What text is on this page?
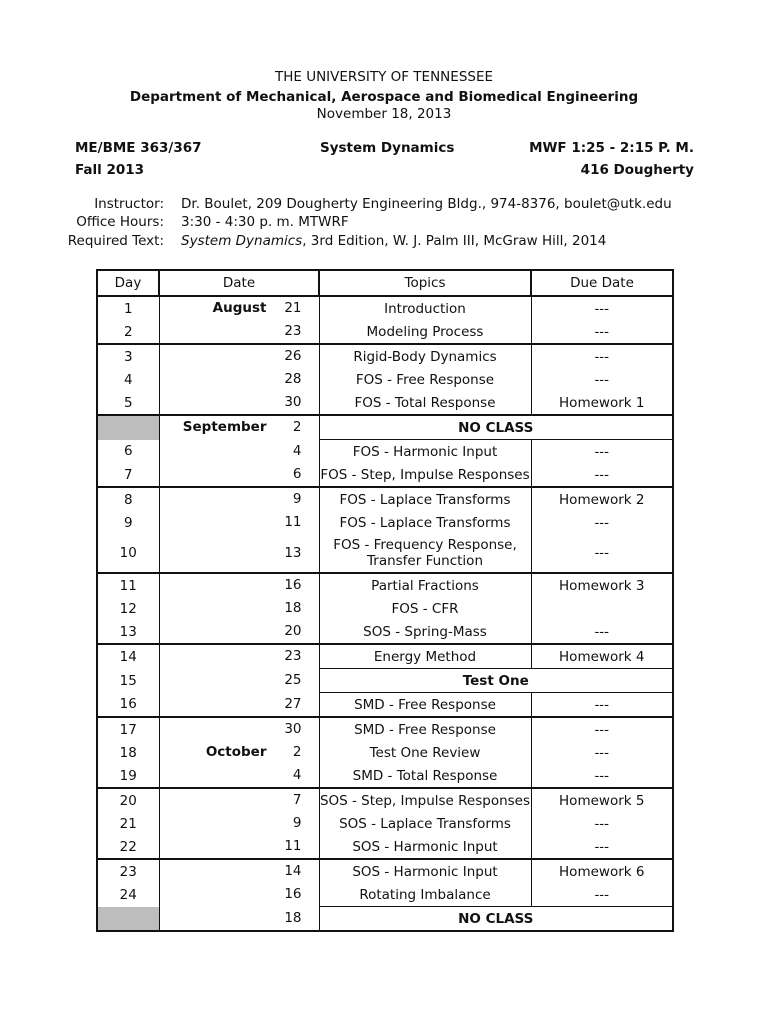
THE UNIVERSITY OF TENNESSEE
Department of Mechanical, Aerospace and Biomedical Engineering
November 18, 2013
ME/BME 363/367	System Dynamics	MWF 1:25 - 2:15 P. M.
Fall 2013	416 Dougherty
Instructor: Dr. Boulet, 209 Dougherty Engineering Bldg., 974-8376, boulet@utk.edu
Office Hours: 3:30 - 4:30 p. m. MTWRF
Required Text: System Dynamics, 3rd Edition, W. J. Palm III, McGraw Hill, 2014
Day	Date	Topics	Due Date
1	August 21	Introduction	---
2	23	Modeling Process	---
3	26	Rigid-Body Dynamics	---
4	28	FOS - Free Response	---
5	30	FOS - Total Response	Homework 1

	September 2	NO CLASS	
6	4	FOS - Harmonic Input	---
7	6	FOS - Step, Impulse Responses	---
8	9	FOS - Laplace Transforms	Homework 2
9	11	FOS - Laplace Transforms	---
10	13	FOS - Frequency Response,
Transfer Function	---
11	16	Partial Fractions	Homework 3
12	18	FOS - CFR	
13	20	SOS - Spring-Mass	---
14	23	Energy Method	Homework 4
15	25	Test One	
16	27	SMD - Free Response	---
17	30	SMD - Free Response	---
18	October 2	Test One Review	---
19	4	SMD - Total Response	---
20	7	SOS - Step, Impulse Responses	Homework 5
21	9	SOS - Laplace Transforms	---
22	11	SOS - Harmonic Input	---
23	14	SOS - Harmonic Input	Homework 6
24	16	Rotating Imbalance	---

	18	NO CLASS	
